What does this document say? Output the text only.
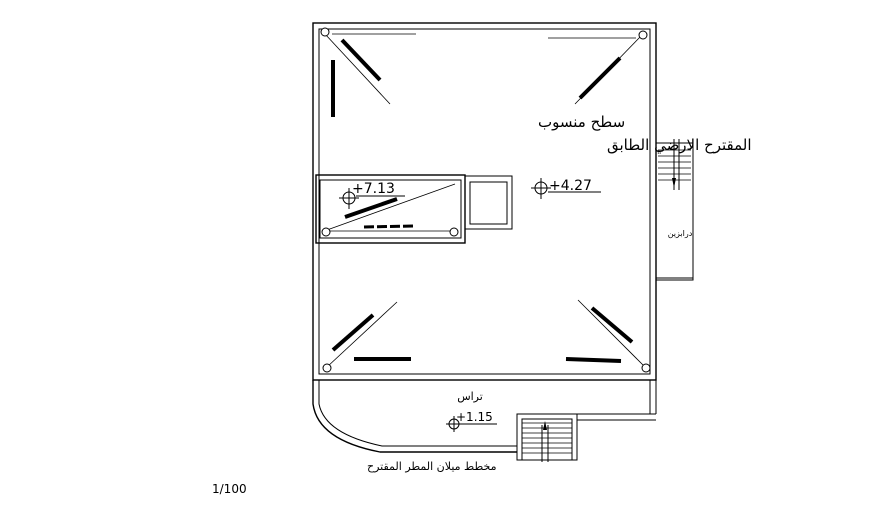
سطح منسوب
المقترح الارضي الطابق
+4.27
+7.13
درابزين
تراس
+1.15
مخطط ميلان المطر المقترح
1/100
